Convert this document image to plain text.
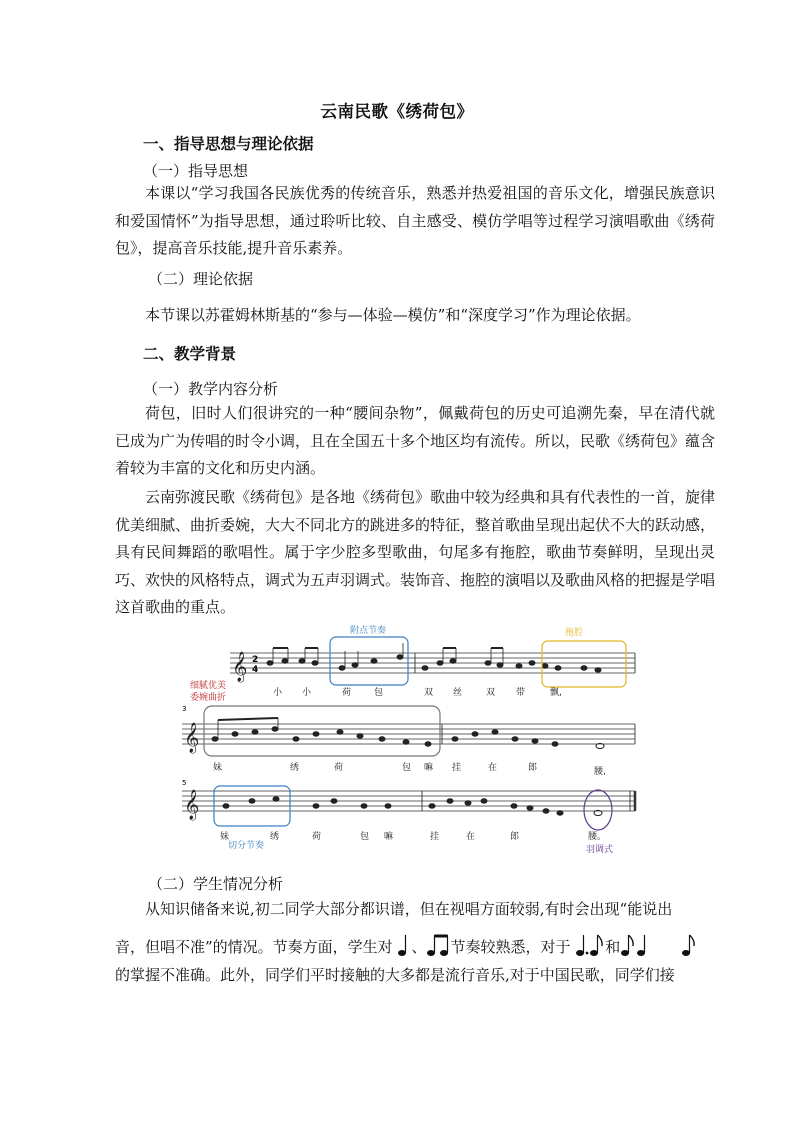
云南民歌《绣荷包》
一、指导思想与理论依据
（一）指导思想
本课以“学习我国各民族优秀的传统音乐，熟悉并热爱祖国的音乐文化，增强民族意识和爱国情怀”为指导思想，通过聆听比较、自主感受、模仿学唱等过程学习演唱歌曲《绣荷包》，提高音乐技能,提升音乐素养。
（二）理论依据
本节课以苏霍姆林斯基的“参与—体验—模仿”和“深度学习”作为理论依据。
二、教学背景
（一）教学内容分析
荷包，旧时人们很讲究的一种“腰间杂物”，佩戴荷包的历史可追溯先秦，早在清代就已成为广为传唱的时令小调，且在全国五十多个地区均有流传。所以，民歌《绣荷包》蕴含着较为丰富的文化和历史内涵。
云南弥渡民歌《绣荷包》是各地《绣荷包》歌曲中较为经典和具有代表性的一首，旋律优美细腻、曲折委婉，大大不同北方的跳进多的特征，整首歌曲呈现出起伏不大的跃动感，具有民间舞蹈的歌唱性。属于字少腔多型歌曲，句尾多有拖腔，歌曲节奏鲜明，呈现出灵巧、欢快的风格特点，调式为五声羽调式。装饰音、拖腔的演唱以及歌曲风格的把握是学唱这首歌曲的重点。
𝄞
𝄞
𝄞
2
4
3
5
附点节奏	拖腔
细腻优美
委婉曲折
切分节奏	羽调式
小 小	荷	包	双 丝	双 带	飘,
妹	绣	荷	包 嘛 挂	在	郎	腰,
妹	绣	荷	包 嘛	挂	在	郎	腰。
（二）学生情况分析
从知识储备来说,初二同学大部分都识谱，但在视唱方面较弱,有时会出现“能说出
音，但唱不准”的情况。节奏方面，学生对 、 节奏较熟悉，对于 和
的掌握不准确。此外，同学们平时接触的大多都是流行音乐,对于中国民歌，同学们接
